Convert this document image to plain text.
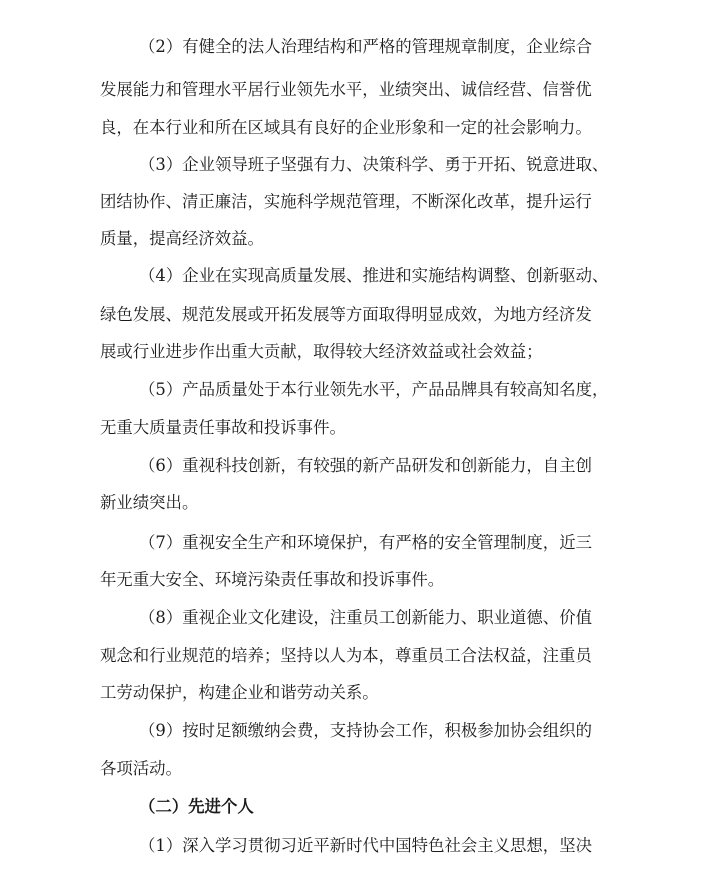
（2）有健全的法人治理结构和严格的管理规章制度，企业综合
发展能力和管理水平居行业领先水平，业绩突出、诚信经营、信誉优
良，在本行业和所在区域具有良好的企业形象和一定的社会影响力。
（3）企业领导班子坚强有力、决策科学、勇于开拓、锐意进取、
团结协作、清正廉洁，实施科学规范管理，不断深化改革，提升运行
质量，提高经济效益。
（4）企业在实现高质量发展、推进和实施结构调整、创新驱动、
绿色发展、规范发展或开拓发展等方面取得明显成效，为地方经济发
展或行业进步作出重大贡献，取得较大经济效益或社会效益；
（5）产品质量处于本行业领先水平，产品品牌具有较高知名度，
无重大质量责任事故和投诉事件。
（6）重视科技创新，有较强的新产品研发和创新能力，自主创
新业绩突出。
（7）重视安全生产和环境保护，有严格的安全管理制度，近三
年无重大安全、环境污染责任事故和投诉事件。
（8）重视企业文化建设，注重员工创新能力、职业道德、价值
观念和行业规范的培养；坚持以人为本，尊重员工合法权益，注重员
工劳动保护，构建企业和谐劳动关系。
（9）按时足额缴纳会费，支持协会工作，积极参加协会组织的
各项活动。
（二）先进个人
（1）深入学习贯彻习近平新时代中国特色社会主义思想，坚决
